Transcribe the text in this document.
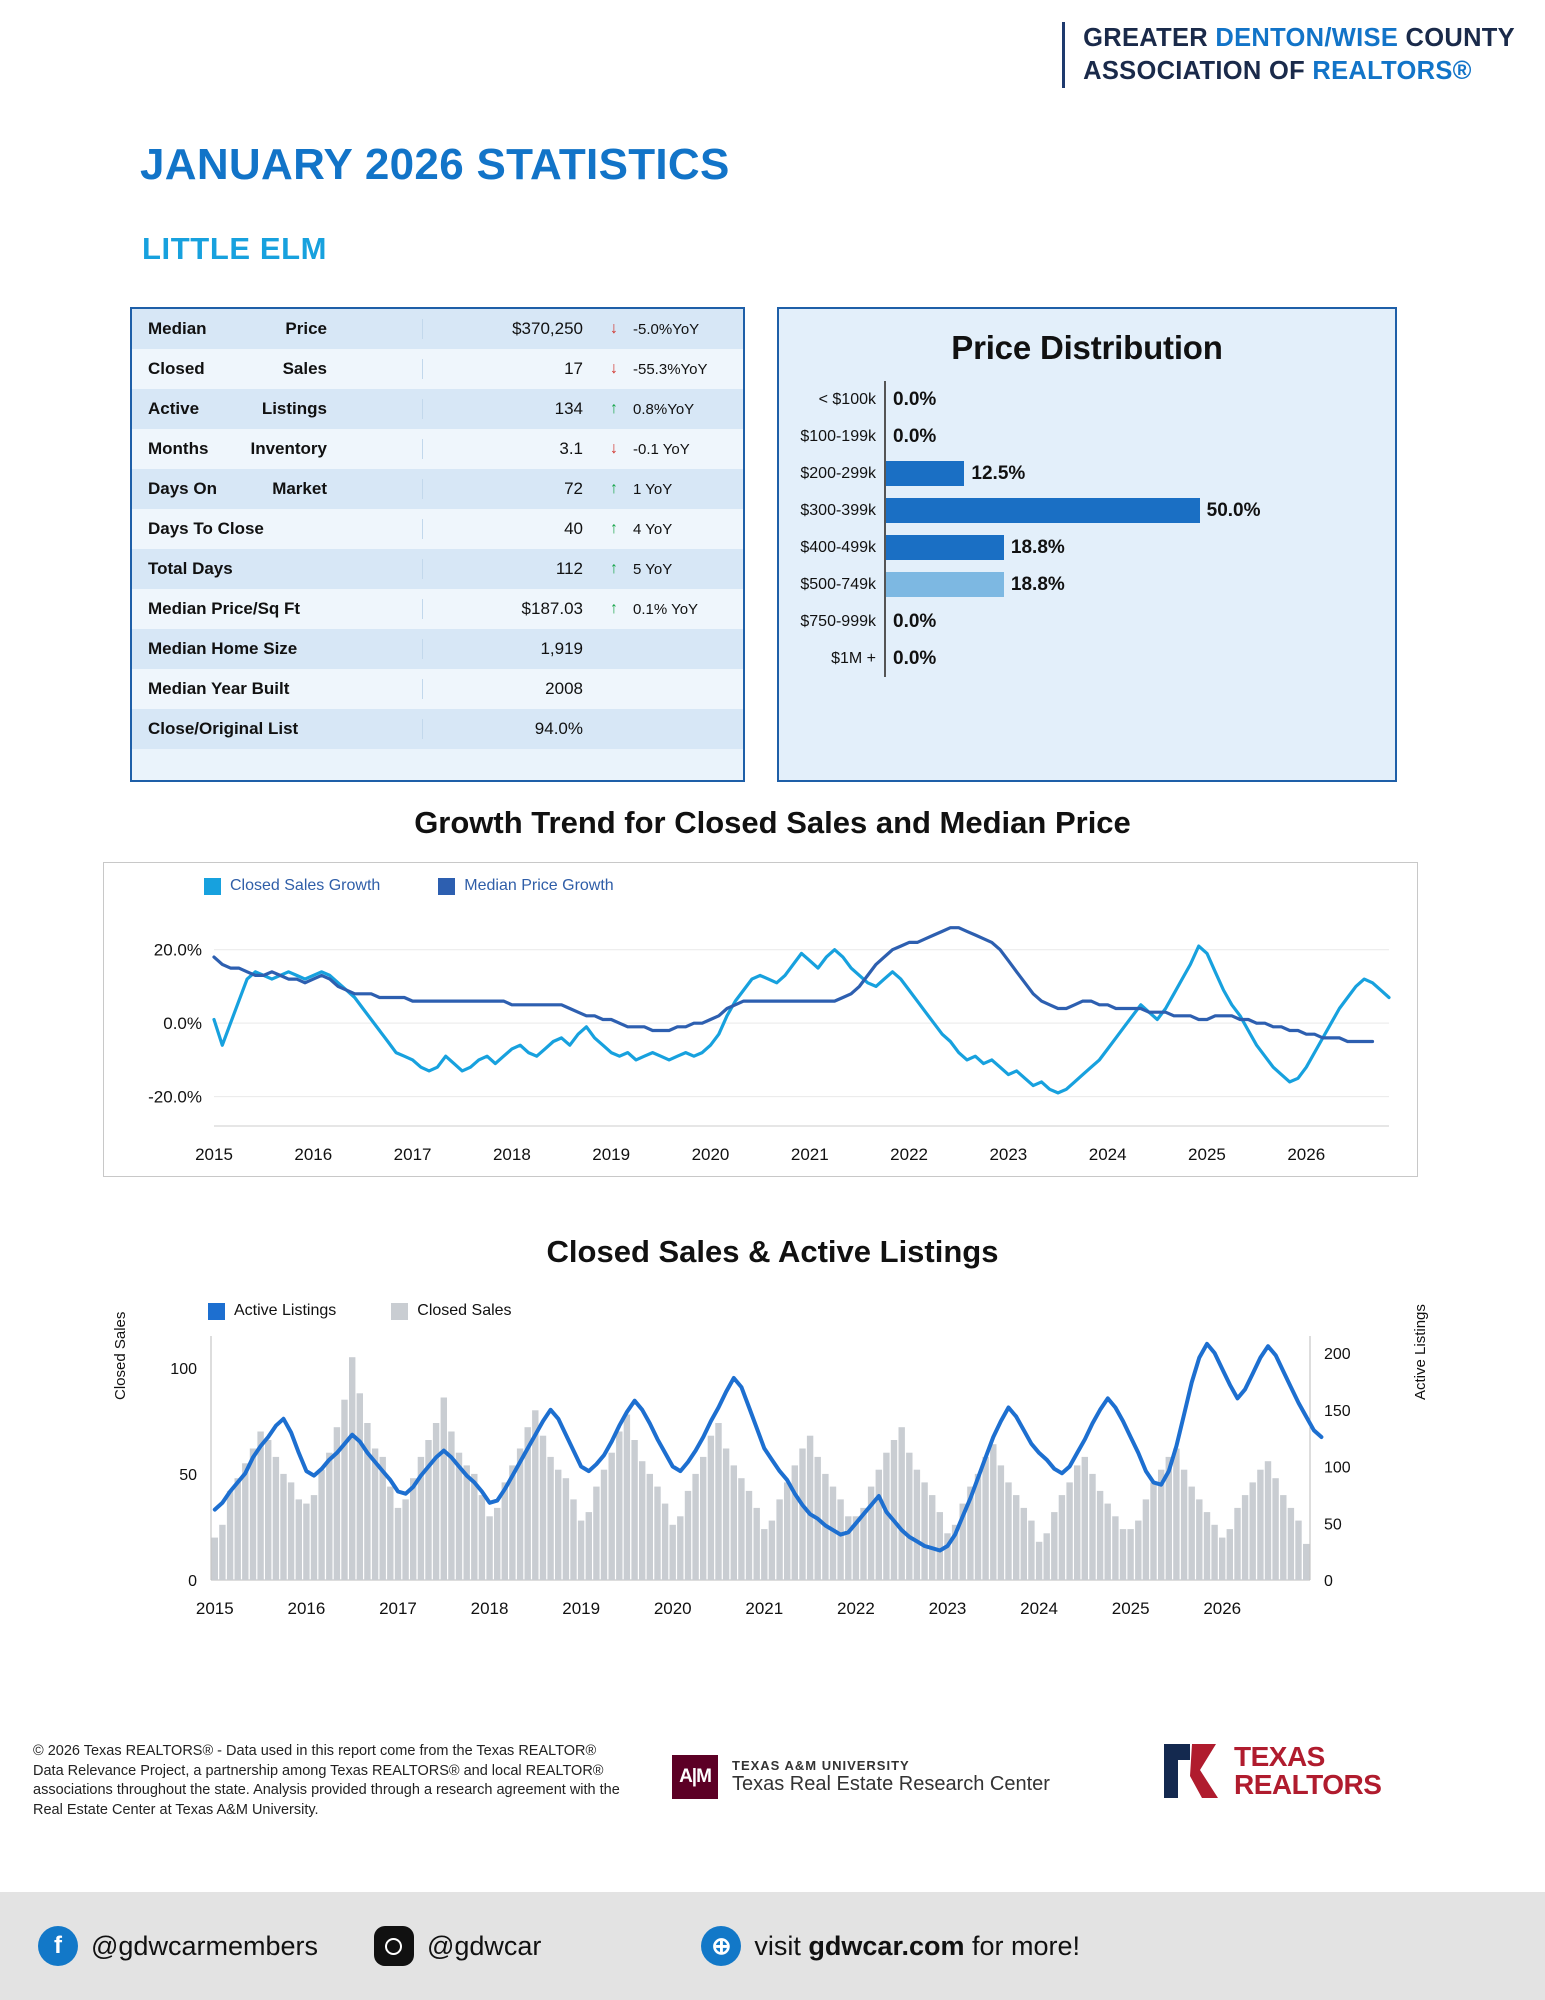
GREATER DENTON/WISE COUNTY
ASSOCIATION OF REALTORS®
JANUARY 2026 STATISTICS
LITTLE ELM
Median	Price	$370,250	↓	-5.0%YoY
Closed	Sales	17	↓	-55.3%YoY
Active	Listings	134	↑	0.8%YoY
Months Inventory	3.1	↓	-0.1 YoY
Days On	Market	72	↑	1 YoY
Days To Close	40	↑	4 YoY
Total Days	112	↑	5 YoY
Median Price/Sq Ft	$187.03	↑	0.1% YoY
Median Home Size	1,919
Median Year Built	2008
Close/Original List	94.0%
Price Distribution
< $100k 0.0%
$100-199k 0.0%
$200-299k	12.5%
$300-399k	50.0%
$400-499k	18.8%
$500-749k	18.8%
$750-999k 0.0%
$1M + 0.0%
Growth Trend for Closed Sales and Median Price
Closed Sales Growth	Median Price Growth
-20.0%
0.0%
20.0%
2015	2016	2017	2018	2019	2020	2021	2022	2023	2024	2025	2026
Closed Sales & Active Listings
Closed Sales	Active Listings
Active Listings	Closed Sales
0
50
100
0
50
100
150
200
2015	2016	2017	2018	2019	2020	2021	2022	2023	2024	2025	2026
© 2026 Texas REALTORS® - Data used in this report come from the Texas REALTOR® Data Relevance Project, a partnership among Texas REALTORS® and local REALTOR® associations throughout the state. Analysis provided through a research agreement with the Real Estate Center at Texas A&M University.
A|M
TEXAS A&M UNIVERSITY
Texas Real Estate Research Center
TEXAS
REALTORS
f	@gdwcarmembers	@gdwcar	⊕ visit gdwcar.com for more!
